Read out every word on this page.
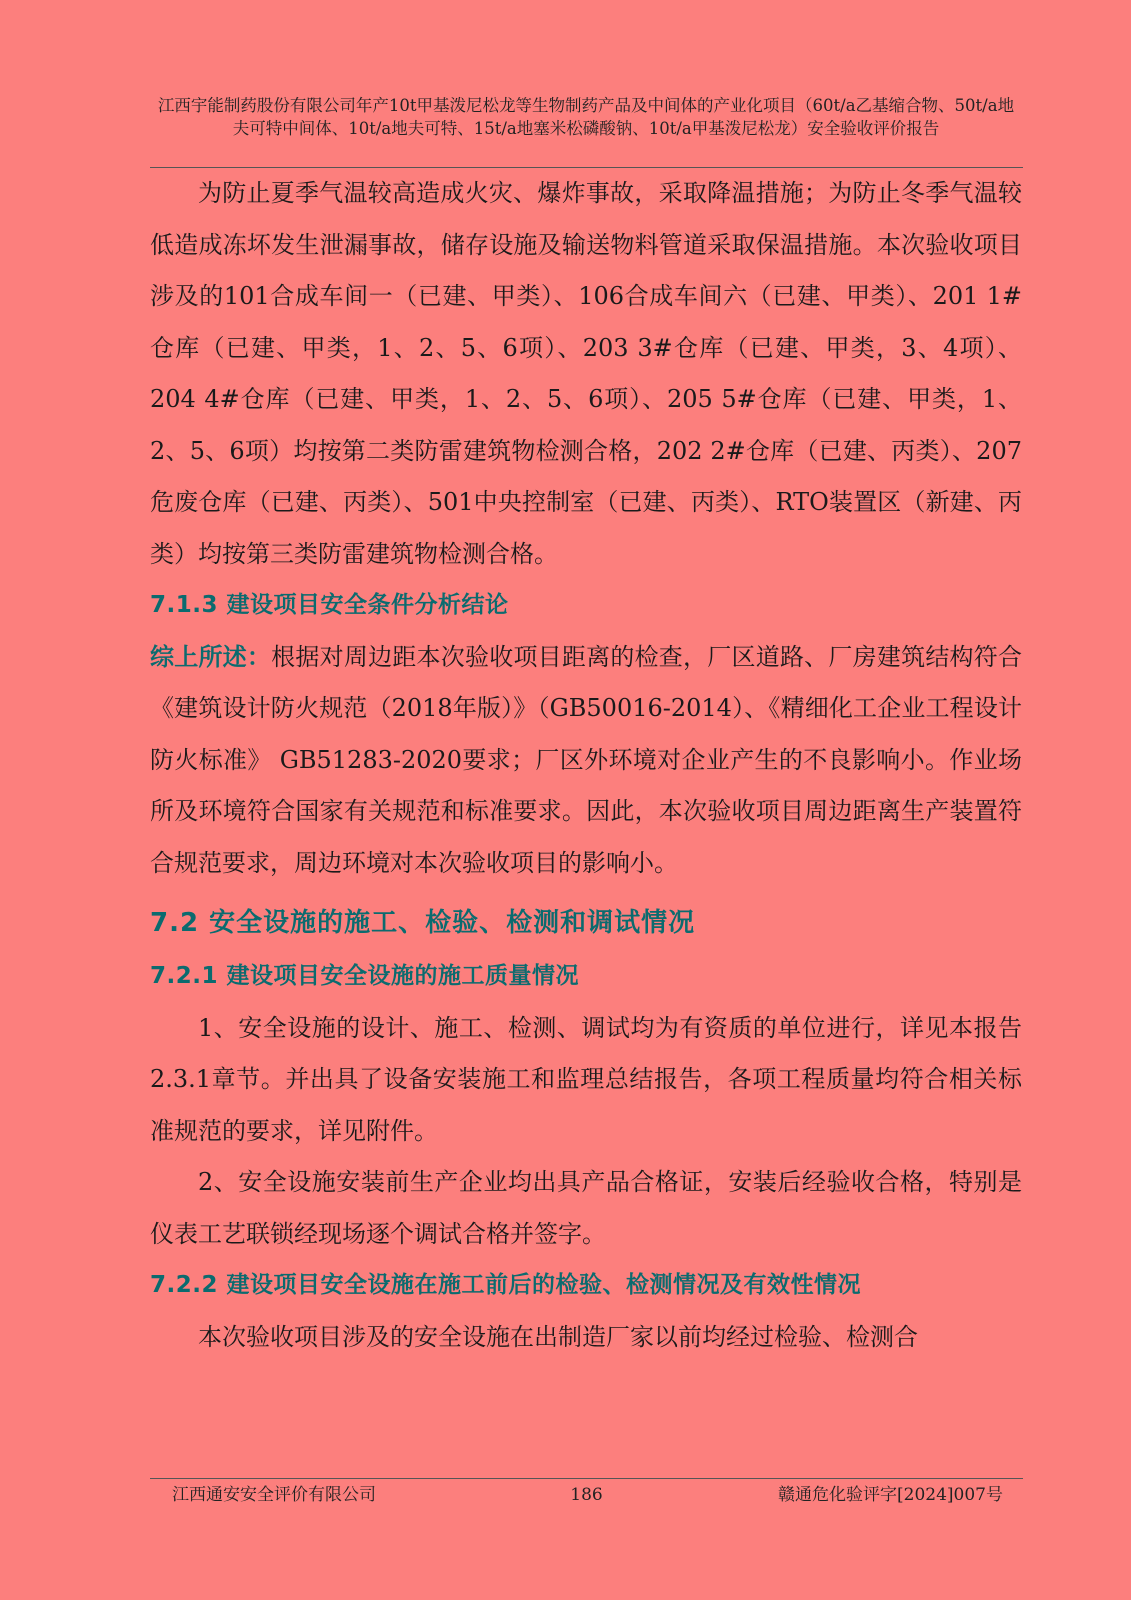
江西宇能制药股份有限公司年产10t甲基泼尼松龙等生物制药产品及中间体的产业化项目（60t/a乙基缩合物、50t/a地夫可特中间体、10t/a地夫可特、15t/a地塞米松磷酸钠、10t/a甲基泼尼松龙）安全验收评价报告

为防止夏季气温较高造成火灾、爆炸事故，采取降温措施；为防止冬季气温较低造成冻坏发生泄漏事故，储存设施及输送物料管道采取保温措施。本次验收项目涉及的101合成车间一（已建、甲类）、106合成车间六（已建、甲类）、201 1#仓库（已建、甲类，1、2、5、6项）、203 3#仓库（已建、甲类，3、4项）、204 4#仓库（已建、甲类，1、2、5、6项）、205 5#仓库（已建、甲类，1、2、5、6项）均按第二类防雷建筑物检测合格，202 2#仓库（已建、丙类）、207危废仓库（已建、丙类）、501中央控制室（已建、丙类）、RTO装置区（新建、丙类）均按第三类防雷建筑物检测合格。

7.1.3 建设项目安全条件分析结论

综上所述：根据对周边距本次验收项目距离的检查，厂区道路、厂房建筑结构符合《建筑设计防火规范（2018年版）》（GB50016-2014）、《精细化工企业工程设计防火标准》 GB51283-2020要求；厂区外环境对企业产生的不良影响小。作业场所及环境符合国家有关规范和标准要求。因此，本次验收项目周边距离生产装置符合规范要求，周边环境对本次验收项目的影响小。

7.2 安全设施的施工、检验、检测和调试情况

7.2.1 建设项目安全设施的施工质量情况

1、安全设施的设计、施工、检测、调试均为有资质的单位进行，详见本报告2.3.1章节。并出具了设备安装施工和监理总结报告，各项工程质量均符合相关标准规范的要求，详见附件。

2、安全设施安装前生产企业均出具产品合格证，安装后经验收合格，特别是仪表工艺联锁经现场逐个调试合格并签字。

7.2.2 建设项目安全设施在施工前后的检验、检测情况及有效性情况

本次验收项目涉及的安全设施在出制造厂家以前均经过检验、检测合

江西通安安全评价有限公司	186	赣通危化验评字[2024]007号
